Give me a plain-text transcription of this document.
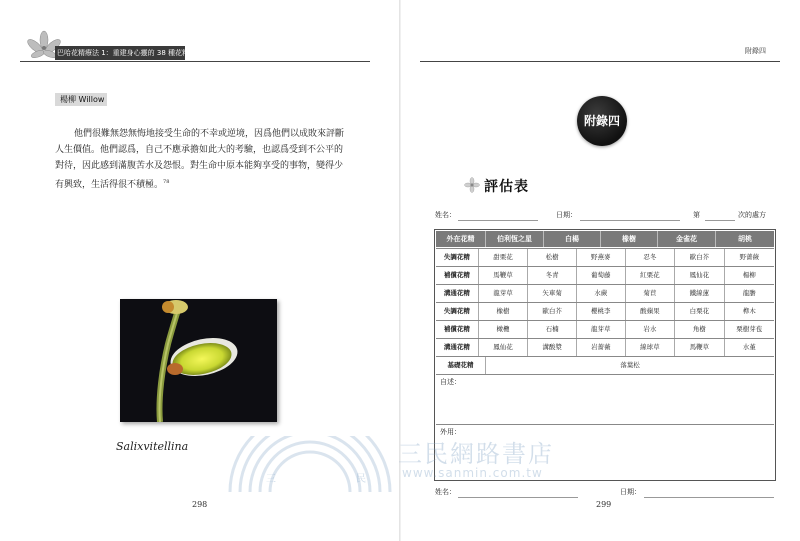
巴哈花精療法 1：重建身心靈的 38 種花精處方
楊柳 Willow

他們很難無怨無悔地接受生命的不幸或逆境，因爲他們以成敗來評斷人生價值。他們認爲，自己不應承擔如此大的考驗，也認爲受到不公平的對待，因此感到滿腹苦水及怨恨。對生命中原本能夠享受的事物，變得少有興致，生活得很不積極。$^{78}$

Salixvitellina
298
附錄四
附錄四
評估表
姓名：	日期：	第	次的處方
外在花精	伯利恆之星	白楊	橡樹	金雀花	胡桃
失調花精	甜栗花	松樹	野燕麥	忍冬	歐白芥	野薔薇
補償花精	馬鞭草	冬青	葡萄藤	紅栗花	鳳仙花	楊柳
溝通花精	龍芽草	矢車菊	水蕨	菊苣	鐵線蓮	龍膽
失調花精	橡樹	歐白芥	櫻桃李	酸蘋果	白栗花	榫木
補償花精	橄欖	石楠	龍芽草	岩水	角樹	栗樹芽苞
溝通花精	鳳仙花	溝酸漿	岩薔薇	線球草	馬鞭草	水堇
基礎花精	落葉松
自述：
外用：
姓名：	日期：
299
三	民
三民網路書店
www.sanmin.com.tw
